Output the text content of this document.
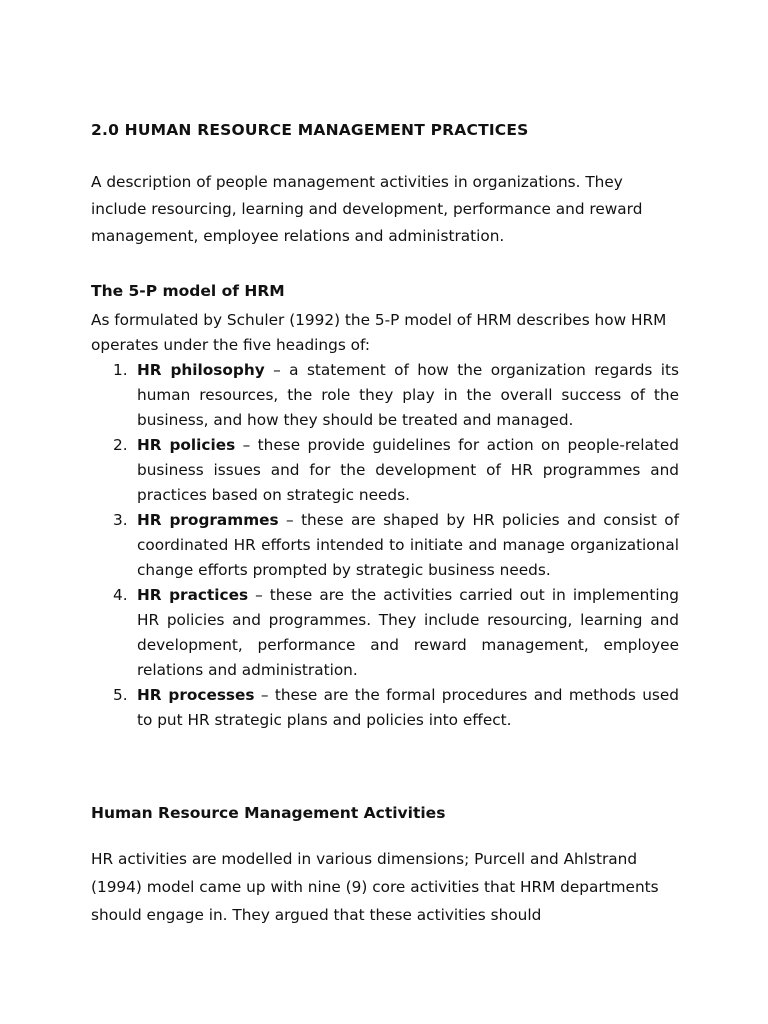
2.0 HUMAN RESOURCE MANAGEMENT PRACTICES

A description of people management activities in organizations. They include resourcing, learning and development, performance and reward management, employee relations and administration.

The 5-P model of HRM

As formulated by Schuler (1992) the 5-P model of HRM describes how HRM operates under the five headings of:

1. HR philosophy – a statement of how the organization regards its human resources, the role they play in the overall success of the business, and how they should be treated and managed.
2. HR policies – these provide guidelines for action on people-related business issues and for the development of HR programmes and practices based on strategic needs.
3. HR programmes – these are shaped by HR policies and consist of coordinated HR efforts intended to initiate and manage organizational change efforts prompted by strategic business needs.
4. HR practices – these are the activities carried out in implementing HR policies and programmes. They include resourcing, learning and development, performance and reward management, employee relations and administration.
5. HR processes – these are the formal procedures and methods used to put HR strategic plans and policies into effect.
Human Resource Management Activities

HR activities are modelled in various dimensions; Purcell and Ahlstrand (1994) model came up with nine (9) core activities that HRM departments should engage in. They argued that these activities should
